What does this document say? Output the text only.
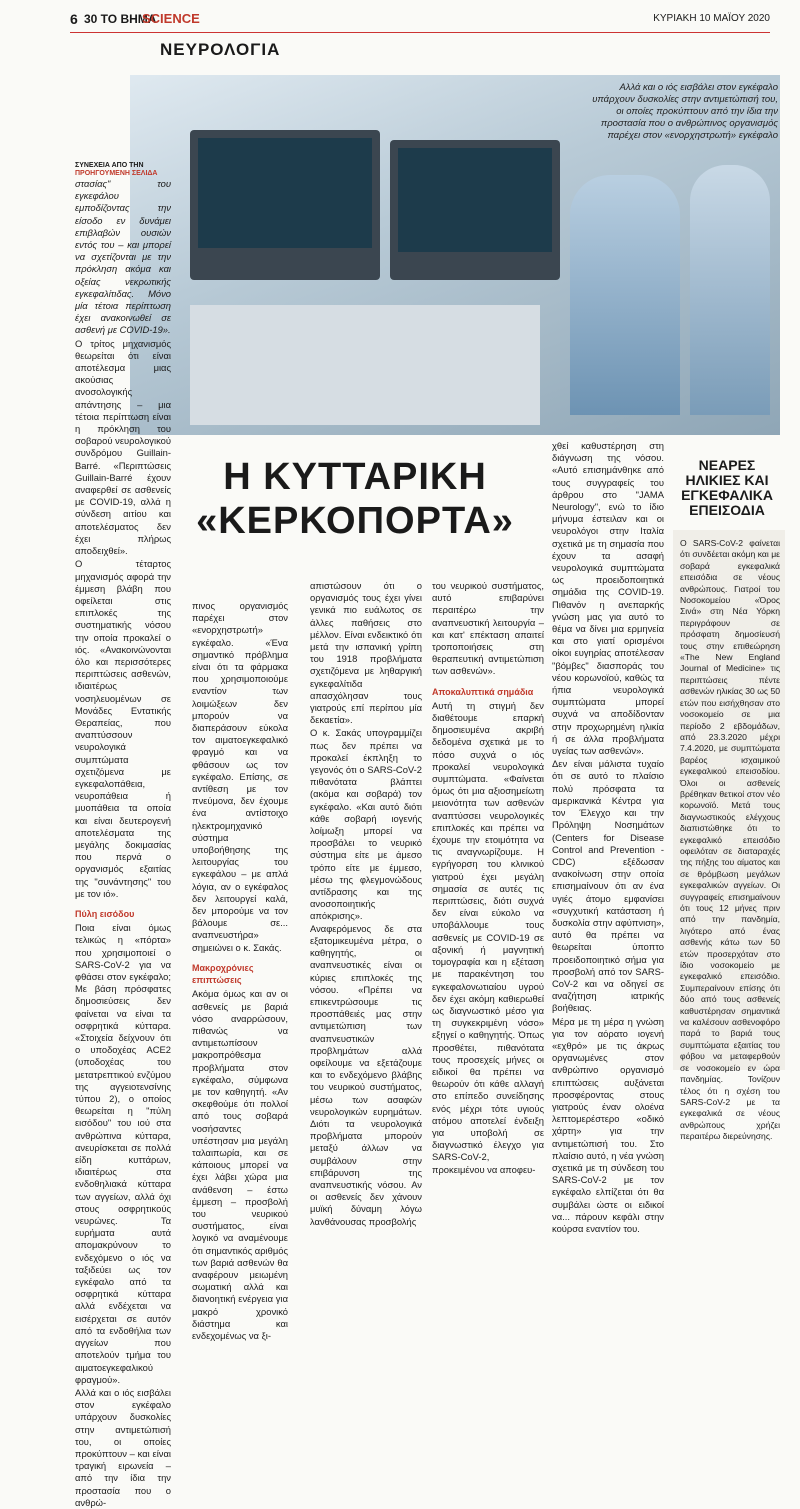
6 30 ΤΟ ΒΗΜΑ
SCIENCE	ΚΥΡΙΑΚΗ 10 ΜΑΪΟΥ 2020
ΝΕΥΡΟΛΟΓΙΑ
Αλλά και ο ιός εισβάλει στον εγκέφαλο υπάρχουν δυσκολίες στην αντιμετώπισή του, οι οποίες προκύπτουν από την ίδια την προστασία που ο ανθρώπινος οργανισμός παρέχει στον «ενορχηστρωτή» εγκέφαλο
ΣΥΝΕΧΕΙΑ ΑΠΟ ΤΗΝ
ΠΡΟΗΓΟΥΜΕΝΗ ΣΕΛΙΔΑ
Η ΚΥΤΤΑΡΙΚΗ
«ΚΕΡΚΟΠΟΡΤΑ»

στασίας" του εγκεφάλου εμποδίζοντας την είσοδο εν δυνάμει επιβλαβών ουσιών εντός του – και μπορεί να σχετίζονται με την πρόκληση ακόμα και οξείας νεκρωτικής εγκεφαλίτιδας. Μόνο μία τέτοια περίπτωση έχει ανακοινωθεί σε ασθενή με COVID-19».

Ο τρίτος μηχανισμός θεωρείται ότι είναι αποτέλεσμα μιας ακούσιας ανοσολογικής απάντησης – μια τέτοια περίπτωση είναι η πρόκληση του σοβαρού νευρολογικού συνδρόμου Guillain-Barré. «Περιπτώσεις Guillain-Barré έχουν αναφερθεί σε ασθενείς με COVID-19, αλλά η σύνδεση αιτίου και αποτελέσματος δεν έχει πλήρως αποδειχθεί».

Ο τέταρτος μηχανισμός αφορά την έμμεση βλάβη που οφείλεται στις επιπλοκές της συστηματικής νόσου την οποία προκαλεί ο ιός. «Ανακοινώνονται όλο και περισσότερες περιπτώσεις ασθενών, ιδιαιτέρως νοσηλευομένων σε Μονάδες Εντατικής Θεραπείας, που αναπτύσσουν νευρολογικά συμπτώματα σχετιζόμενα με εγκεφαλοπάθεια, νευροπάθεια ή μυοπάθεια τα οποία και είναι δευτερογενή αποτελέσματα της μεγάλης δοκιμασίας που περνά ο οργανισμός εξαιτίας της "συνάντησης" του με τον ιό».

Πύλη εισόδου

Ποια είναι όμως τελικώς η «πόρτα» που χρησιμοποιεί ο SARS-CoV-2 για να φθάσει στον εγκέφαλο; Με βάση πρόσφατες δημοσιεύσεις δεν φαίνεται να είναι τα οσφρητικά κύτταρα. «Στοιχεία δείχνουν ότι ο υποδοχέας ACE2 (υποδοχέας του μετατρεπτικού ενζύμου της αγγειοτενσίνης τύπου 2), ο οποίος θεωρείται η "πύλη εισόδου" του ιού στα ανθρώπινα κύτταρα, ανευρίσκεται σε πολλά είδη κυττάρων, ιδιαιτέρως στα ενδοθηλιακά κύτταρα των αγγείων, αλλά όχι στους οσφρητικούς νευρώνες. Τα ευρήματα αυτά απομακρύνουν το ενδεχόμενο ο ιός να ταξιδεύει ως τον εγκέφαλο από τα οσφρητικά κύτταρα αλλά ενδέχεται να εισέρχεται σε αυτόν από τα ενδοθήλια των αγγείων που αποτελούν τμήμα του αιματοεγκεφαλικού φραγμού».

Αλλά και ο ιός εισβάλει στον εγκέφαλο υπάρχουν δυσκολίες στην αντιμετώπισή του, οι οποίες προκύπτουν – και είναι τραγική ειρωνεία – από την ίδια την προστασία που ο ανθρώ-

πινος οργανισμός παρέχει στον «ενορχηστρωτή» εγκέφαλο. «Ένα σημαντικό πρόβλημα είναι ότι τα φάρμακα που χρησιμοποιούμε εναντίον των λοιμώξεων δεν μπορούν να διαπεράσουν εύκολα τον αιματοεγκεφαλικό φραγμό και να φθάσουν ως τον εγκέφαλο. Επίσης, σε αντίθεση με τον πνεύμονα, δεν έχουμε ένα αντίστοιχο ηλεκτρομηχανικό σύστημα υποβοήθησης της λειτουργίας του εγκεφάλου – με απλά λόγια, αν ο εγκέφαλος δεν λειτουργεί καλά, δεν μπορούμε να τον βάλουμε σε... αναπνευστήρα» σημειώνει ο κ. Σακάς.

Μακροχρόνιες επιπτώσεις

Ακόμα όμως και αν οι ασθενείς με βαριά νόσο αναρρώσουν, πιθανώς να αντιμετωπίσουν μακροπρόθεσμα προβλήματα στον εγκέφαλο, σύμφωνα με τον καθηγητή. «Αν σκεφθούμε ότι πολλοί από τους σοβαρά νοσήσαντες υπέστησαν μια μεγάλη ταλαιπωρία, και σε κάποιους μπορεί να έχει λάβει χώρα μια ανάθενση – έστω έμμεση – προσβολή του νευρικού συστήματος, είναι λογικό να αναμένουμε ότι σημαντικός αριθμός των βαριά ασθενών θα αναφέρουν μειωμένη σωματική αλλά και διανοητική ενέργεια για μακρό χρονικό διάστημα και ενδεχομένως να ξι-

απιστώσουν ότι ο οργανισμός τους έχει γίνει γενικά πιο ευάλωτος σε άλλες παθήσεις στο μέλλον. Είναι ενδεικτικό ότι μετά την ισπανική γρίπη του 1918 προβλήματα σχετιζόμενα με ληθαργική εγκεφαλίτιδα απασχόλησαν τους γιατρούς επί περίπου μία δεκαετία».

Ο κ. Σακάς υπογραμμίζει πως δεν πρέπει να προκαλεί έκπληξη το γεγονός ότι ο SARS-CoV-2 πιθανότατα βλάπτει (ακόμα και σοβαρά) τον εγκέφαλο. «Και αυτό διότι κάθε σοβαρή ιογενής λοίμωξη μπορεί να προσβάλει το νευρικό σύστημα είτε με άμεσο τρόπο είτε με έμμεσο, μέσω της φλεγμονώδους αντίδρασης και της ανοσοποιητικής απόκρισης». Αναφερόμενος δε στα εξατομικευμένα μέτρα, ο καθηγητής, οι αναπνευστικές είναι οι κύριες επιπλοκές της νόσου. «Πρέπει να επικεντρώσουμε τις προσπάθειές μας στην αντιμετώπιση των αναπνευστικών προβλημάτων αλλά οφείλουμε να εξετάζουμε και το ενδεχόμενο βλάβης του νευρικού συστήματος, μέσω των ασαφών νευρολογικών ευρημάτων. Διότι τα νευρολογικά προβλήματα μπορούν μεταξύ άλλων να συμβάλουν στην επιβάρυνση της αναπνευστικής νόσου. Αν οι ασθενείς δεν χάνουν μυϊκή δύναμη λόγω λανθάνουσας προσβολής

του νευρικού συστήματος, αυτό επιβαρύνει περαιτέρω την αναπνευστική λειτουργία – και κατ' επέκταση απαιτεί τροποποιήσεις στη θεραπευτική αντιμετώπιση των ασθενών».

Αποκαλυπτικά σημάδια

Αυτή τη στιγμή δεν διαθέτουμε επαρκή δημοσιευμένα ακριβή δεδομένα σχετικά με το πόσο συχνά ο ιός προκαλεί νευρολογικά συμπτώματα. «Φαίνεται όμως ότι μια αξιοσημείωτη μειονότητα των ασθενών αναπτύσσει νευρολογικές επιπλοκές και πρέπει να έχουμε την ετοιμότητα να τις αναγνωρίζουμε. Η εγρήγορση του κλινικού γιατρού έχει μεγάλη σημασία σε αυτές τις περιπτώσεις, διότι συχνά δεν είναι εύκολο να υποβάλλουμε τους ασθενείς με COVID-19 σε αξονική ή μαγνητική τομογραφία και η εξέταση με παρακέντηση του εγκεφαλονωτιαίου υγρού δεν έχει ακόμη καθιερωθεί ως διαγνωστικό μέσο για τη συγκεκριμένη νόσο» εξηγεί ο καθηγητής. Όπως προσθέτει, πιθανότατα τους προσεχείς μήνες οι ειδικοί θα πρέπει να θεωρούν ότι κάθε αλλαγή στο επίπεδο συνείδησης ενός μέχρι τότε υγιούς ατόμου αποτελεί ένδειξη για υποβολή σε διαγνωστικό έλεγχο για SARS-CoV-2, προκειμένου να αποφευ-

χθεί καθυστέρηση στη διάγνωση της νόσου. «Αυτό επισημάνθηκε από τους συγγραφείς του άρθρου στο "JAMA Neurology", ενώ το ίδιο μήνυμα έστειλαν και οι νευρολόγοι στην Ιταλία σχετικά με τη σημασία που έχουν τα ασαφή νευρολογικά συμπτώματα ως προειδοποιητικά σημάδια της COVID-19. Πιθανόν η ανεπαρκής γνώση μας για αυτό το θέμα να δίνει μια ερμηνεία και στο γιατί ορισμένοι οίκοι ευγηρίας αποτέλεσαν "βόμβες" διασποράς του νέου κορωνοϊού, καθώς τα ήπια νευρολογικά συμπτώματα μπορεί συχνά να αποδίδονταν στην προχωρημένη ηλικία ή σε άλλα προβλήματα υγείας των ασθενών».

Δεν είναι μάλιστα τυχαίο ότι σε αυτό το πλαίσιο πολύ πρόσφατα τα αμερικανικά Κέντρα για τον Έλεγχο και την Πρόληψη Νοσημάτων (Centers for Disease Control and Prevention - CDC) εξέδωσαν ανακοίνωση στην οποία επισημαίνουν ότι αν ένα υγιές άτομο εμφανίσει «συγχυτική κατάσταση ή δυσκολία στην αφύπνιση», αυτό θα πρέπει να θεωρείται ύποπτο προειδοποιητικό σήμα για προσβολή από τον SARS-CoV-2 και να οδηγεί σε αναζήτηση ιατρικής βοήθειας.

Μέρα με τη μέρα η γνώση για τον αόρατο ιογενή «εχθρό» με τις άκρως οργανωμένες στον ανθρώπινο οργανισμό επιπτώσεις αυξάνεται προσφέροντας στους γιατρούς έναν ολοένα λεπτομερέστερο «οδικό χάρτη» για την αντιμετώπισή του. Στο πλαίσιο αυτό, η νέα γνώση σχετικά με τη σύνδεση του SARS-CoV-2 με τον εγκέφαλο ελπίζεται ότι θα συμβάλει ώστε οι ειδικοί να... πάρουν κεφάλι στην κούρσα εναντίον του.

ΝΕΑΡΕΣ
ΗΛΙΚΙΕΣ ΚΑΙ
ΕΓΚΕΦΑΛΙΚΑ
ΕΠΕΙΣΟΔΙΑ

O SARS-CoV-2 φαίνεται ότι συνδέεται ακόμη και με σοβαρά εγκεφαλικά επεισόδια σε νέους ανθρώπους. Γιατροί του Νοσοκομείου «Όρος Σινά» στη Νέα Υόρκη περιγράφουν σε πρόσφατη δημοσίευσή τους στην επιθεώρηση «The New England Journal of Medicine» τις περιπτώσεις πέντε ασθενών ηλικίας 30 ως 50 ετών που εισήχθησαν στο νοσοκομείο σε μια περίοδο 2 εβδομάδων, από 23.3.2020 μέχρι 7.4.2020, με συμπτώματα βαρέος ισχαιμικού εγκεφαλικού επεισοδίου. Όλοι οι ασθενείς βρέθηκαν θετικοί στον νέο κορωνοϊό. Μετά τους διαγνωστικούς ελέγχους διαπιστώθηκε ότι το εγκεφαλικό επεισόδιο οφειλόταν σε διαταραχές της πήξης του αίματος και σε θρόμβωση μεγάλων εγκεφαλικών αγγείων. Οι συγγραφείς επισημαίνουν ότι τους 12 μήνες πριν από την πανδημία, λιγότερο από ένας ασθενής κάτω των 50 ετών προσερχόταν στο ίδιο νοσοκομείο με εγκεφαλικό επεισόδιο. Συμπεραίνουν επίσης ότι δύο από τους ασθενείς καθυστέρησαν σημαντικά να καλέσουν ασθενοφόρο παρά το βαριά τους συμπτώματα εξαιτίας του φόβου να μεταφερθούν σε νοσοκομείο εν ώρα πανδημίας. Τονίζουν τέλος ότι η σχέση του SARS-CoV-2 με τα εγκεφαλικά σε νέους ανθρώπους χρήζει περαιτέρω διερεύνησης.
